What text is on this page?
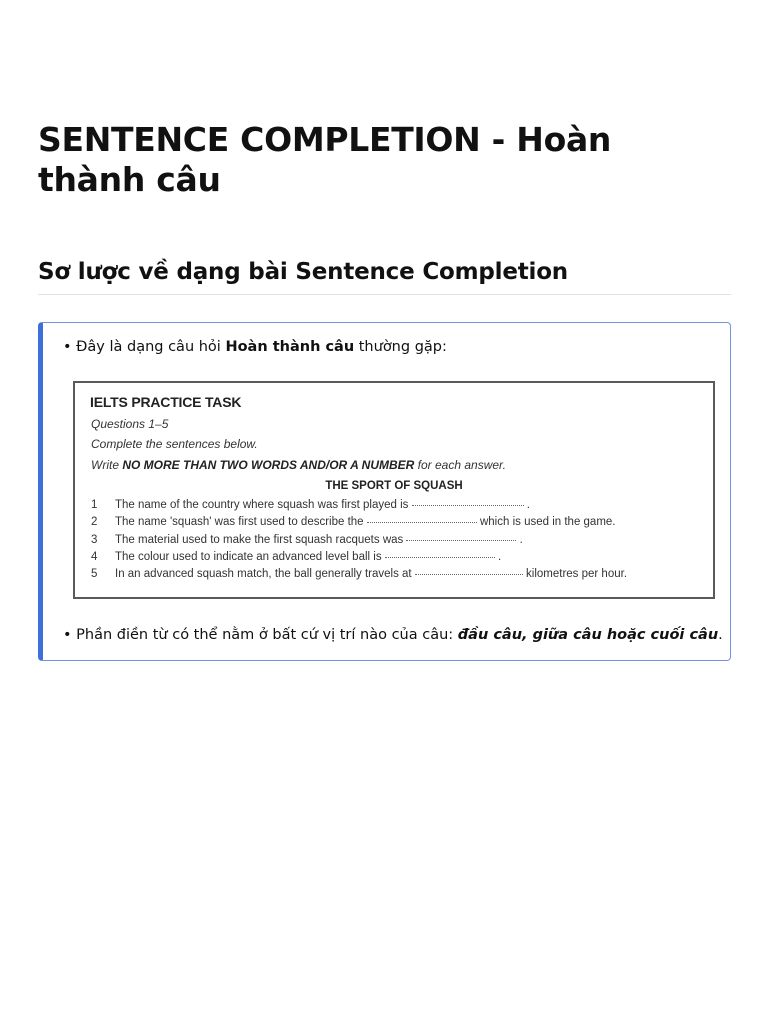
SENTENCE COMPLETION - Hoàn thành câu
Sơ lược về dạng bài Sentence Completion

• Đây là dạng câu hỏi Hoàn thành câu thường gặp:

IELTS PRACTICE TASK

Questions 1–5

Complete the sentences below.

Write NO MORE THAN TWO WORDS AND/OR A NUMBER for each answer.

THE SPORT OF SQUASH

1 The name of the country where squash was first played is	.

2 The name 'squash' was first used to describe the	which is used in the game.

3 The material used to make the first squash racquets was	.

4 The colour used to indicate an advanced level ball is	.

5 In an advanced squash match, the ball generally travels at	kilometres per hour.

• Phần điền từ có thể nằm ở bất cứ vị trí nào của câu: đầu câu, giữa câu hoặc cuối câu.
